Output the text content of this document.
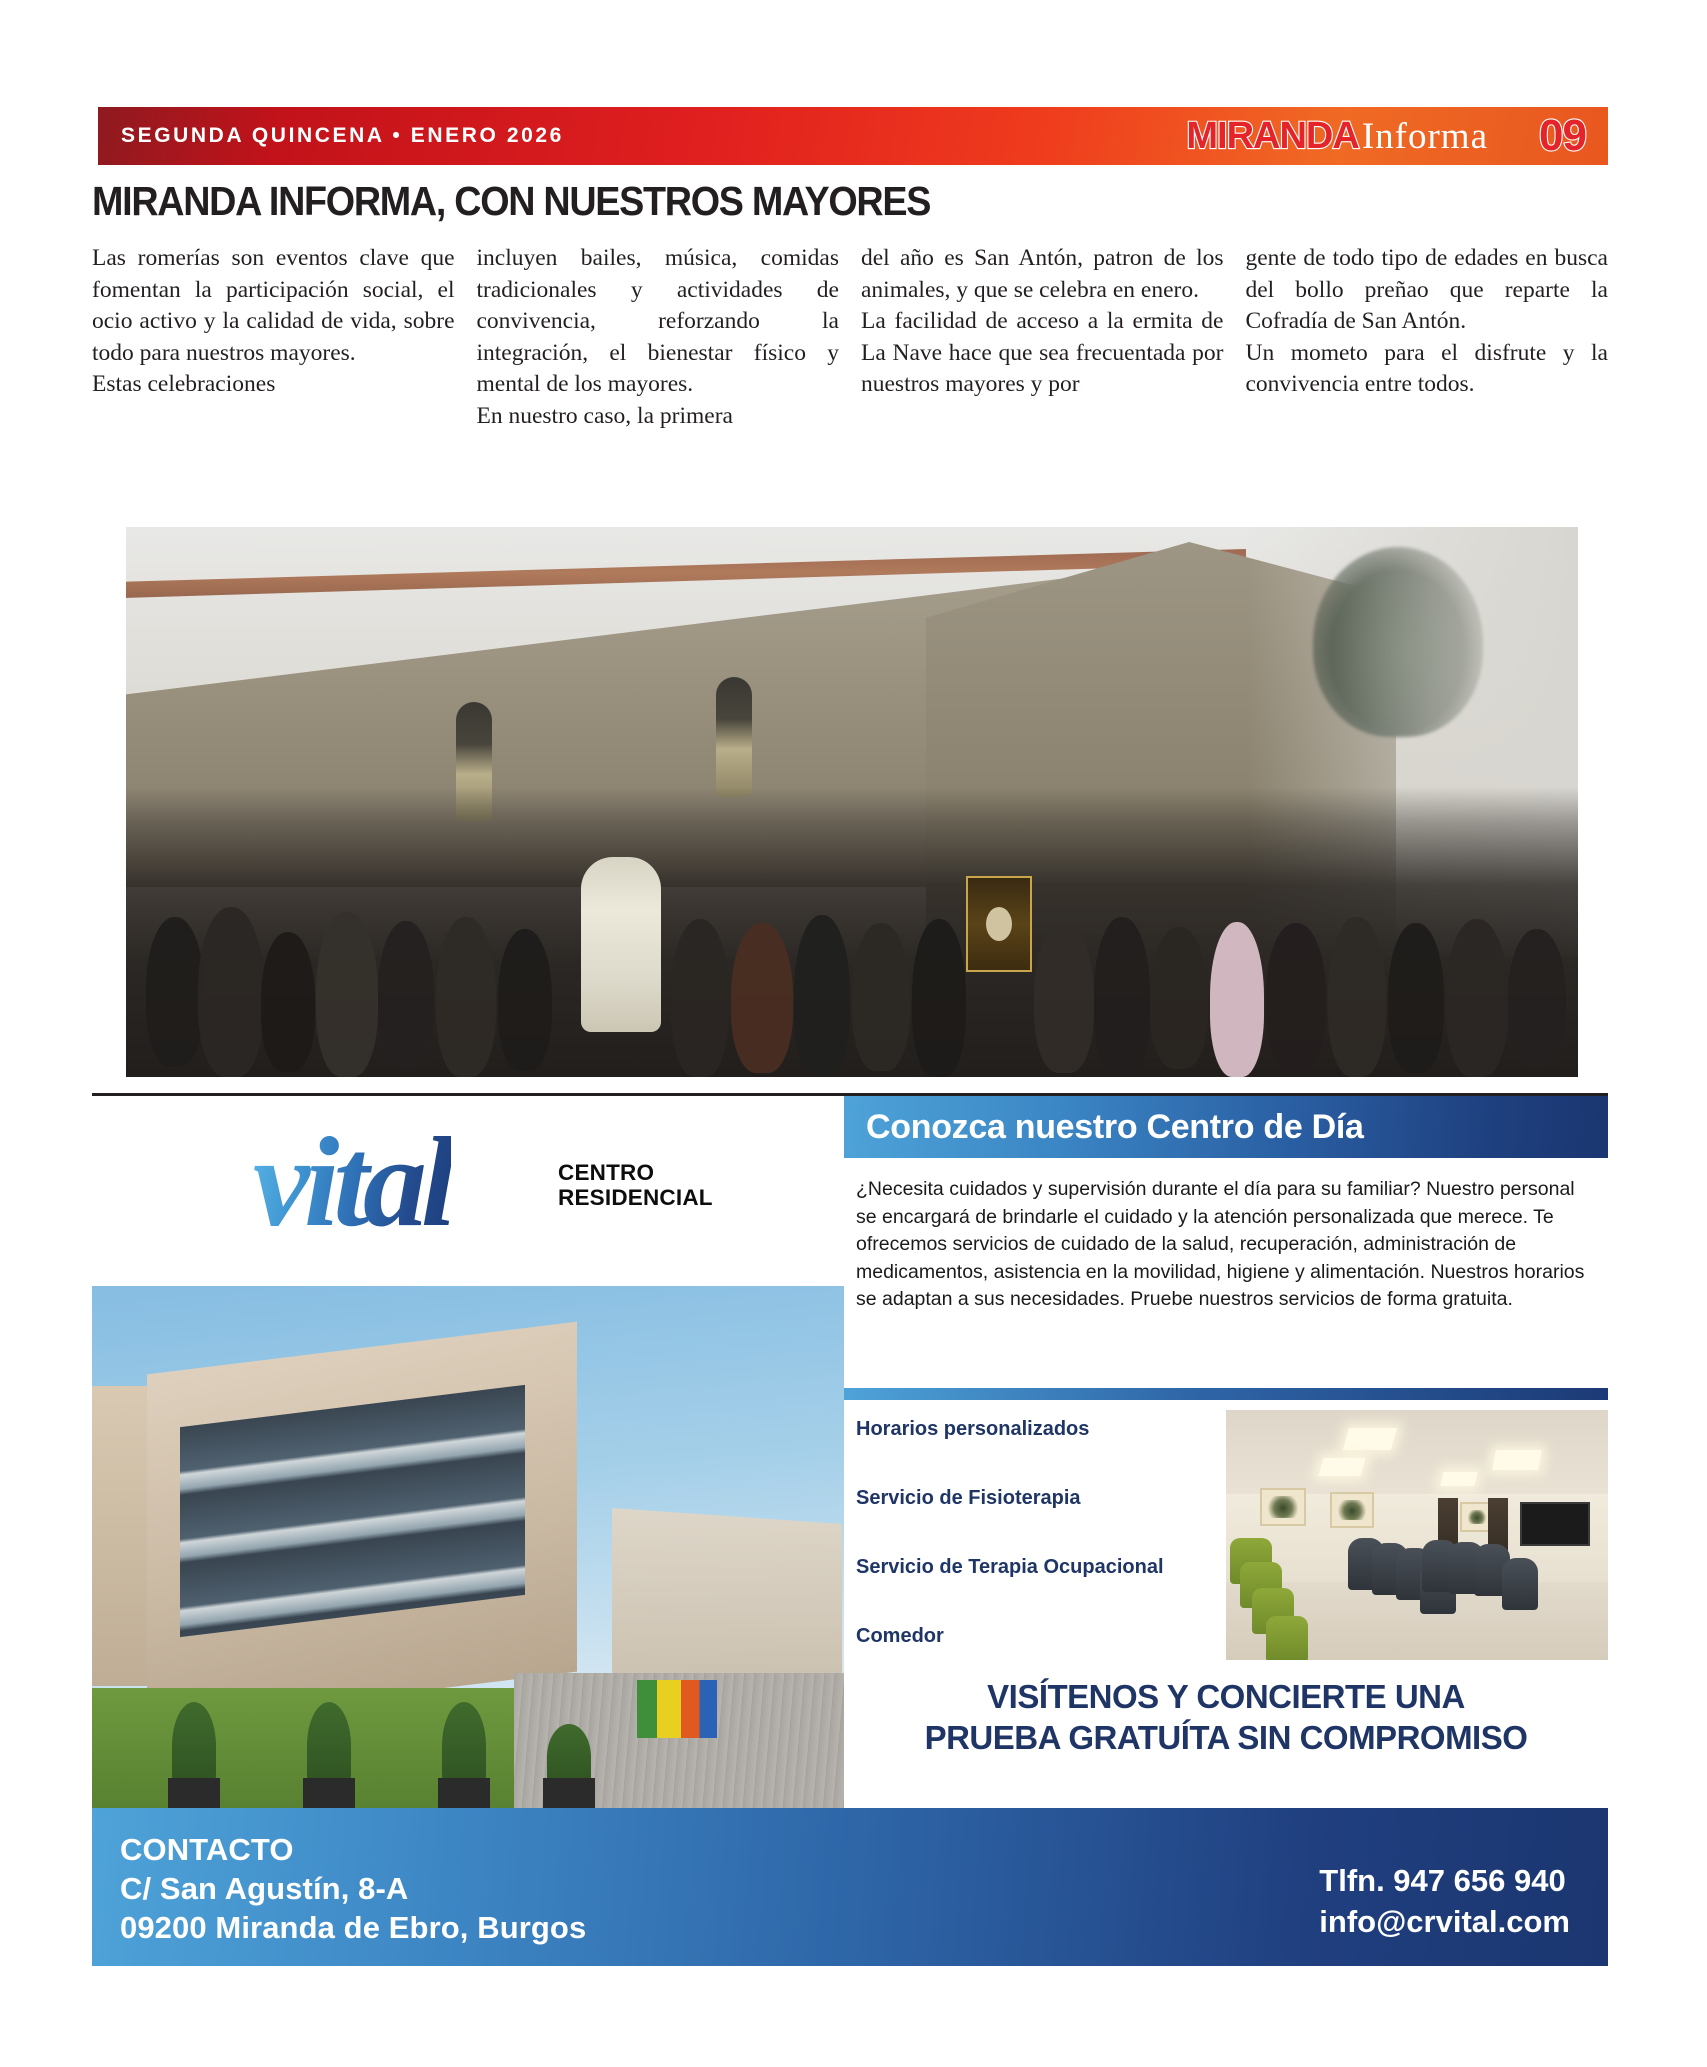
SEGUNDA QUINCENA • ENERO 2026	MIRANDA Informa 09
MIRANDA INFORMA, CON NUESTROS MAYORES

Las romerías son eventos clave que fomentan la participación social, el ocio activo y la calidad de vida, sobre todo para nuestros mayores.

Estas celebraciones

incluyen bailes, música, comidas tradicionales y actividades de convivencia, reforzando la integración, el bienestar físico y mental de los mayores.

En nuestro caso, la primera

del año es San Antón, patron de los animales, y que se celebra en enero.

La facilidad de acceso a la ermita de La Nave hace que sea frecuentada por nuestros mayores y por

gente de todo tipo de edades en busca del bollo preñao que reparte la Cofradía de San Antón.

Un mometo para el disfrute y la convivencia entre todos.

vital	CENTRO
RESIDENCIAL
Conozca nuestro Centro de Día
¿Necesita cuidados y supervisión durante el día para su familiar? Nuestro personal se encargará de brindarle el cuidado y la atención personalizada que merece. Te ofrecemos servicios de cuidado de la salud, recuperación, administración de medicamentos, asistencia en la movilidad, higiene y alimentación. Nuestros horarios se adaptan a sus necesidades. Pruebe nuestros servicios de forma gratuita.
Horarios personalizados
Servicio de Fisioterapia
Servicio de Terapia Ocupacional
Comedor
VISÍTENOS Y CONCIERTE UNA
PRUEBA GRATUÍTA SIN COMPROMISO
CONTACTO
C/ San Agustín, 8-A
09200 Miranda de Ebro, Burgos
Tlfn. 947 656 940
info@crvital.com
